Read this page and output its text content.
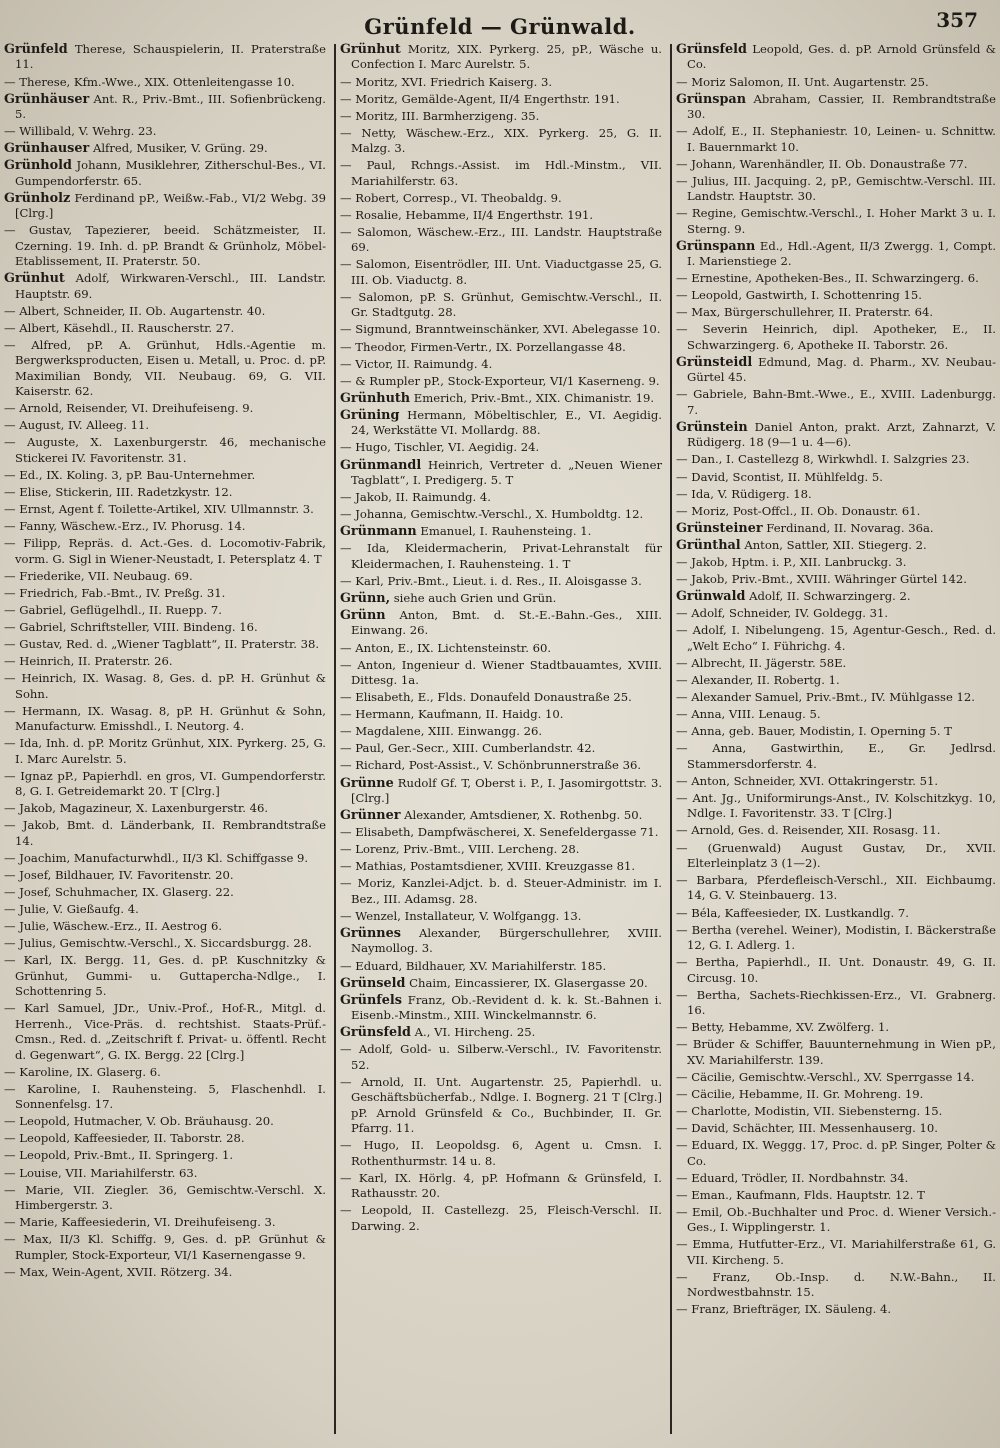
Grünfeld — Grünwald.	357

Grünfeld Therese, Schauspielerin, II. Praterstraße 11.

— Therese, Kfm.-Wwe., XIX. Ottenleitengasse 10.

Grünhäuser Ant. R., Priv.-Bmt., III. Sofienbrückeng. 5.

— Willibald, V. Wehrg. 23.

Grünhauser Alfred, Musiker, V. Grüng. 29.

Grünhold Johann, Musiklehrer, Zitherschul-Bes., VI. Gumpendorferstr. 65.

Grünholz Ferdinand pP., Weißw.-Fab., VI/2 Webg. 39 [Clrg.]

— Gustav, Tapezierer, beeid. Schätzmeister, II. Czerning. 19. Inh. d. pP. Brandt & Grünholz, Möbel-Etablissement, II. Praterstr. 50.

Grünhut Adolf, Wirkwaren-Verschl., III. Landstr. Hauptstr. 69.

— Albert, Schneider, II. Ob. Augartenstr. 40.

— Albert, Käsehdl., II. Rauscherstr. 27.

— Alfred, pP. A. Grünhut, Hdls.-Agentie m. Bergwerksproducten, Eisen u. Metall, u. Proc. d. pP. Maximilian Bondy, VII. Neubaug. 69, G. VII. Kaiserstr. 62.

— Arnold, Reisender, VI. Dreihufeiseng. 9.

— August, IV. Alleeg. 11.

— Auguste, X. Laxenburgerstr. 46, mechanische Stickerei IV. Favoritenstr. 31.

— Ed., IX. Koling. 3, pP. Bau-Unternehmer.

— Elise, Stickerin, III. Radetzkystr. 12.

— Ernst, Agent f. Toilette-Artikel, XIV. Ullmannstr. 3.

— Fanny, Wäschew.-Erz., IV. Phorusg. 14.

— Filipp, Repräs. d. Act.-Ges. d. Locomotiv-Fabrik, vorm. G. Sigl in Wiener-Neustadt, I. Petersplatz 4. T

— Friederike, VII. Neubaug. 69.

— Friedrich, Fab.-Bmt., IV. Preßg. 31.

— Gabriel, Geflügelhdl., II. Ruepp. 7.

— Gabriel, Schriftsteller, VIII. Bindeng. 16.

— Gustav, Red. d. „Wiener Tagblatt“, II. Praterstr. 38.

— Heinrich, II. Praterstr. 26.

— Heinrich, IX. Wasag. 8, Ges. d. pP. H. Grünhut & Sohn.

— Hermann, IX. Wasag. 8, pP. H. Grünhut & Sohn, Manufacturw. Emisshdl., I. Neutorg. 4.

— Ida, Inh. d. pP. Moritz Grünhut, XIX. Pyrkerg. 25, G. I. Marc Aurelstr. 5.

— Ignaz pP., Papierhdl. en gros, VI. Gumpendorferstr. 8, G. I. Getreidemarkt 20. T [Clrg.]

— Jakob, Magazineur, X. Laxenburgerstr. 46.

— Jakob, Bmt. d. Länderbank, II. Rembrandtstraße 14.

— Joachim, Manufacturwhdl., II/3 Kl. Schiffgasse 9.

— Josef, Bildhauer, IV. Favoritenstr. 20.

— Josef, Schuhmacher, IX. Glaserg. 22.

— Julie, V. Gießaufg. 4.

— Julie, Wäschew.-Erz., II. Aestrog 6.

— Julius, Gemischtw.-Verschl., X. Siccardsburgg. 28.

— Karl, IX. Bergg. 11, Ges. d. pP. Kuschnitzky & Grünhut, Gummi- u. Guttapercha-Ndlge., I. Schottenring 5.

— Karl Samuel, JDr., Univ.-Prof., Hof-R., Mitgl. d. Herrenh., Vice-Präs. d. rechtshist. Staats-Prüf.-Cmsn., Red. d. „Zeitschrift f. Privat- u. öffentl. Recht d. Gegenwart“, G. IX. Bergg. 22 [Clrg.]

— Karoline, IX. Glaserg. 6.

— Karoline, I. Rauhensteing. 5, Flaschenhdl. I. Sonnenfelsg. 17.

— Leopold, Hutmacher, V. Ob. Bräuhausg. 20.

— Leopold, Kaffeesieder, II. Taborstr. 28.

— Leopold, Priv.-Bmt., II. Springerg. 1.

— Louise, VII. Mariahilferstr. 63.

— Marie, VII. Ziegler. 36, Gemischtw.-Verschl. X. Himbergerstr. 3.

— Marie, Kaffeesiederin, VI. Dreihufeiseng. 3.

— Max, II/3 Kl. Schiffg. 9, Ges. d. pP. Grünhut & Rumpler, Stock-Exporteur, VI/1 Kasernengasse 9.

— Max, Wein-Agent, XVII. Rötzerg. 34.

Grünhut Moritz, XIX. Pyrkerg. 25, pP., Wäsche u. Confection I. Marc Aurelstr. 5.

— Moritz, XVI. Friedrich Kaiserg. 3.

— Moritz, Gemälde-Agent, II/4 Engerthstr. 191.

— Moritz, III. Barmherzigeng. 35.

— Netty, Wäschew.-Erz., XIX. Pyrkerg. 25, G. II. Malzg. 3.

— Paul, Rchngs.-Assist. im Hdl.-Minstm., VII. Mariahilferstr. 63.

— Robert, Corresp., VI. Theobaldg. 9.

— Rosalie, Hebamme, II/4 Engerthstr. 191.

— Salomon, Wäschew.-Erz., III. Landstr. Hauptstraße 69.

— Salomon, Eisentrödler, III. Unt. Viaductgasse 25, G. III. Ob. Viaductg. 8.

— Salomon, pP. S. Grünhut, Gemischtw.-Verschl., II. Gr. Stadtgutg. 28.

— Sigmund, Branntweinschänker, XVI. Abelegasse 10.

— Theodor, Firmen-Vertr., IX. Porzellangasse 48.

— Victor, II. Raimundg. 4.

— & Rumpler pP., Stock-Exporteur, VI/1 Kaserneng. 9.

Grünhuth Emerich, Priv.-Bmt., XIX. Chimanistr. 19.

Grüning Hermann, Möbeltischler, E., VI. Aegidig. 24, Werkstätte VI. Mollardg. 88.

— Hugo, Tischler, VI. Aegidig. 24.

Grünmandl Heinrich, Vertreter d. „Neuen Wiener Tagblatt“, I. Predigerg. 5. T

— Jakob, II. Raimundg. 4.

— Johanna, Gemischtw.-Verschl., X. Humboldtg. 12.

Grünmann Emanuel, I. Rauhensteing. 1.

— Ida, Kleidermacherin, Privat-Lehranstalt für Kleidermachen, I. Rauhensteing. 1. T

— Karl, Priv.-Bmt., Lieut. i. d. Res., II. Aloisgasse 3.

Grünn, siehe auch Grien und Grün.

Grünn Anton, Bmt. d. St.-E.-Bahn.-Ges., XIII. Einwang. 26.

— Anton, E., IX. Lichtensteinstr. 60.

— Anton, Ingenieur d. Wiener Stadtbauamtes, XVIII. Dittesg. 1a.

— Elisabeth, E., Flds. Donaufeld Donaustraße 25.

— Hermann, Kaufmann, II. Haidg. 10.

— Magdalene, XIII. Einwangg. 26.

— Paul, Ger.-Secr., XIII. Cumberlandstr. 42.

— Richard, Post-Assist., V. Schönbrunnerstraße 36.

Grünne Rudolf Gf. T, Oberst i. P., I. Jasomirgottstr. 3. [Clrg.]

Grünner Alexander, Amtsdiener, X. Rothenbg. 50.

— Elisabeth, Dampfwäscherei, X. Senefeldergasse 71.

— Lorenz, Priv.-Bmt., VIII. Lercheng. 28.

— Mathias, Postamtsdiener, XVIII. Kreuzgasse 81.

— Moriz, Kanzlei-Adjct. b. d. Steuer-Administr. im I. Bez., III. Adamsg. 28.

— Wenzel, Installateur, V. Wolfgangg. 13.

Grünnes Alexander, Bürgerschullehrer, XVIII. Naymollog. 3.

— Eduard, Bildhauer, XV. Mariahilferstr. 185.

Grünseld Chaim, Eincassierer, IX. Glasergasse 20.

Grünfels Franz, Ob.-Revident d. k. k. St.-Bahnen i. Eisenb.-Minstm., XIII. Winckelmannstr. 6.

Grünsfeld A., VI. Hircheng. 25.

— Adolf, Gold- u. Silberw.-Verschl., IV. Favoritenstr. 52.

— Arnold, II. Unt. Augartenstr. 25, Papierhdl. u. Geschäftsbücherfab., Ndlge. I. Bognerg. 21 T [Clrg.] pP. Arnold Grünsfeld & Co., Buchbinder, II. Gr. Pfarrg. 11.

— Hugo, II. Leopoldsg. 6, Agent u. Cmsn. I. Rothenthurmstr. 14 u. 8.

— Karl, IX. Hörlg. 4, pP. Hofmann & Grünsfeld, I. Rathausstr. 20.

— Leopold, II. Castellezg. 25, Fleisch-Verschl. II. Darwing. 2.

Grünsfeld Leopold, Ges. d. pP. Arnold Grünsfeld & Co.

— Moriz Salomon, II. Unt. Augartenstr. 25.

Grünspan Abraham, Cassier, II. Rembrandtstraße 30.

— Adolf, E., II. Stephaniestr. 10, Leinen- u. Schnittw. I. Bauernmarkt 10.

— Johann, Warenhändler, II. Ob. Donaustraße 77.

— Julius, III. Jacquing. 2, pP., Gemischtw.-Verschl. III. Landstr. Hauptstr. 30.

— Regine, Gemischtw.-Verschl., I. Hoher Markt 3 u. I. Sterng. 9.

Grünspann Ed., Hdl.-Agent, II/3 Zwergg. 1, Compt. I. Marienstiege 2.

— Ernestine, Apotheken-Bes., II. Schwarzingerg. 6.

— Leopold, Gastwirth, I. Schottenring 15.

— Max, Bürgerschullehrer, II. Praterstr. 64.

— Severin Heinrich, dipl. Apotheker, E., II. Schwarzingerg. 6, Apotheke II. Taborstr. 26.

Grünsteidl Edmund, Mag. d. Pharm., XV. Neubau-Gürtel 45.

— Gabriele, Bahn-Bmt.-Wwe., E., XVIII. Ladenburgg. 7.

Grünstein Daniel Anton, prakt. Arzt, Zahnarzt, V. Rüdigerg. 18 (9—1 u. 4—6).

— Dan., I. Castellezg 8, Wirkwhdl. I. Salzgries 23.

— David, Scontist, II. Mühlfeldg. 5.

— Ida, V. Rüdigerg. 18.

— Moriz, Post-Offcl., II. Ob. Donaustr. 61.

Grünsteiner Ferdinand, II. Novarag. 36a.

Grünthal Anton, Sattler, XII. Stiegerg. 2.

— Jakob, Hptm. i. P., XII. Lanbruckg. 3.

— Jakob, Priv.-Bmt., XVIII. Währinger Gürtel 142.

Grünwald Adolf, II. Schwarzingerg. 2.

— Adolf, Schneider, IV. Goldegg. 31.

— Adolf, I. Nibelungeng. 15, Agentur-Gesch., Red. d. „Welt Echo“ I. Führichg. 4.

— Albrecht, II. Jägerstr. 58E.

— Alexander, II. Robertg. 1.

— Alexander Samuel, Priv.-Bmt., IV. Mühlgasse 12.

— Anna, VIII. Lenaug. 5.

— Anna, geb. Bauer, Modistin, I. Operning 5. T

— Anna, Gastwirthin, E., Gr. Jedlrsd. Stammersdorferstr. 4.

— Anton, Schneider, XVI. Ottakringerstr. 51.

— Ant. Jg., Uniformirungs-Anst., IV. Kolschitzkyg. 10, Ndlge. I. Favoritenstr. 33. T [Clrg.]

— Arnold, Ges. d. Reisender, XII. Rosasg. 11.

— (Gruenwald) August Gustav, Dr., XVII. Elterleinplatz 3 (1—2).

— Barbara, Pferdefleisch-Verschl., XII. Eichbaumg. 14, G. V. Steinbauerg. 13.

— Béla, Kaffeesieder, IX. Lustkandlg. 7.

— Bertha (verehel. Weiner), Modistin, I. Bäckerstraße 12, G. I. Adlerg. 1.

— Bertha, Papierhdl., II. Unt. Donaustr. 49, G. II. Circusg. 10.

— Bertha, Sachets-Riechkissen-Erz., VI. Grabnerg. 16.

— Betty, Hebamme, XV. Zwölferg. 1.

— Brüder & Schiffer, Bauunternehmung in Wien pP., XV. Mariahilferstr. 139.

— Cäcilie, Gemischtw.-Verschl., XV. Sperrgasse 14.

— Cäcilie, Hebamme, II. Gr. Mohreng. 19.

— Charlotte, Modistin, VII. Siebensterng. 15.

— David, Schächter, III. Messenhauserg. 10.

— Eduard, IX. Weggg. 17, Proc. d. pP. Singer, Polter & Co.

— Eduard, Trödler, II. Nordbahnstr. 34.

— Eman., Kaufmann, Flds. Hauptstr. 12. T

— Emil, Ob.-Buchhalter und Proc. d. Wiener Versich.-Ges., I. Wipplingerstr. 1.

— Emma, Hutfutter-Erz., VI. Mariahilferstraße 61, G. VII. Kircheng. 5.

— Franz, Ob.-Insp. d. N.W.-Bahn., II. Nordwestbahnstr. 15.

— Franz, Briefträger, IX. Säuleng. 4.
